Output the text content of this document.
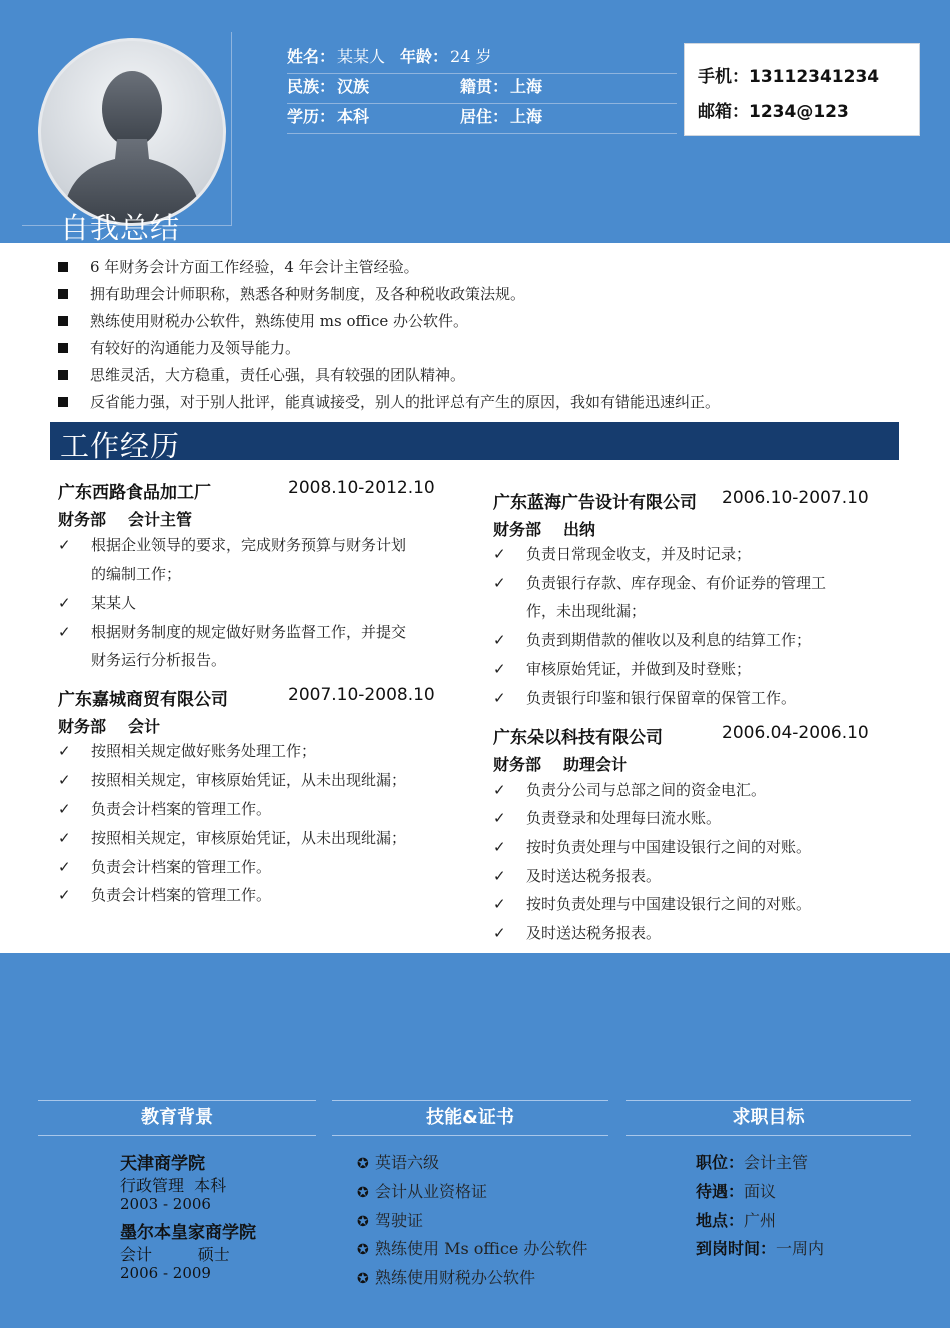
姓名： 某某人 年龄： 24 岁
民族： 汉族	籍贯： 上海
学历： 本科	居住： 上海
手机：13112341234
邮箱：1234@123
自我总结
6 年财务会计方面工作经验，4 年会计主管经验。
拥有助理会计师职称，熟悉各种财务制度，及各种税收政策法规。
熟练使用财税办公软件，熟练使用 ms office 办公软件。
有较好的沟通能力及领导能力。
思维灵活，大方稳重，责任心强，具有较强的团队精神。
反省能力强，对于别人批评，能真诚接受，别人的批评总有产生的原因，我如有错能迅速纠正。
工作经历
广东西路食品加工厂	2008.10-2012.10
财务部 会计主管
✓ 根据企业领导的要求，完成财务预算与财务计划
的编制工作；
✓ 某某人
✓ 根据财务制度的规定做好财务监督工作，并提交
财务运行分析报告。
广东嘉城商贸有限公司	2007.10-2008.10
财务部 会计
✓ 按照相关规定做好账务处理工作；
✓ 按照相关规定，审核原始凭证，从未出现纰漏；
✓ 负责会计档案的管理工作。
✓ 按照相关规定，审核原始凭证，从未出现纰漏；
✓ 负责会计档案的管理工作。
✓ 负责会计档案的管理工作。
广东蓝海广告设计有限公司 2006.10-2007.10
财务部 出纳
✓ 负责日常现金收支，并及时记录；
✓ 负责银行存款、库存现金、有价证券的管理工
作，未出现纰漏；
✓ 负责到期借款的催收以及利息的结算工作；
✓ 审核原始凭证，并做到及时登账；
✓ 负责银行印鉴和银行保留章的保管工作。
广东朵以科技有限公司	2006.04-2006.10
财务部 助理会计
✓ 负责分公司与总部之间的资金电汇。
✓ 负责登录和处理每曰流水账。
✓ 按时负责处理与中国建设银行之间的对账。
✓ 及时送达税务报表。
✓ 按时负责处理与中国建设银行之间的对账。
✓ 及时送达税务报表。
教育背景	技能&证书	求职目标
天津商学院
行政管理  本科
2003 - 2006
墨尔本皇家商学院
会计         硕士
2006 - 2009
✪ 英语六级
✪ 会计从业资格证
✪ 驾驶证
✪ 熟练使用 Ms office 办公软件
✪ 熟练使用财税办公软件
职位：会计主管
待遇：面议
地点：广州
到岗时间：一周内
